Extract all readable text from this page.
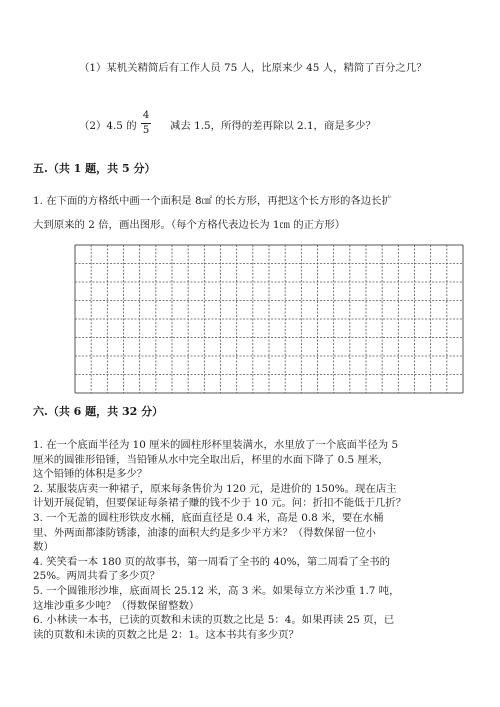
（1）某机关精简后有工作人员 75 人，比原来少 45 人，精简了百分之几？
（2）4.5 的
4
5 减去 1.5，所得的差再除以 2.1，商是多少？
五.（共 1 题，共 5 分）
1. 在下面的方格纸中画一个面积是 8㎠ 的长方形，再把这个长方形的各边长扩
大到原来的 2 倍，画出图形。（每个方格代表边长为 1㎝ 的正方形）
六.（共 6 题，共 32 分）
1. 在一个底面半径为 10 厘米的圆柱形杯里装满水，水里放了一个底面半径为 5
厘米的圆锥形铅锤，当铅锤从水中完全取出后，杯里的水面下降了 0.5 厘米，
这个铅锤的体积是多少？
2. 某服装店卖一种裙子，原来每条售价为 120 元，是进价的 150%。现在店主
计划开展促销，但要保证每条裙子赚的钱不少于 10 元。问：折扣不能低于几折？
3. 一个无盖的圆柱形铁皮水桶，底面直径是 0.4 米，高是 0.8 米，要在水桶
里、外两面都漆防锈漆，油漆的面积大约是多少平方米？（得数保留一位小
数）
4. 笑笑看一本 180 页的故事书，第一周看了全书的 40%，第二周看了全书的
25%。两周共看了多少页？
5. 一个圆锥形沙堆，底面周长 25.12 米，高 3 米。如果每立方米沙重 1.7 吨，
这堆沙重多少吨？（得数保留整数）
6. 小林读一本书，已读的页数和未读的页数之比是 5：4。如果再读 25 页，已
读的页数和未读的页数之比是 2：1。这本书共有多少页？
